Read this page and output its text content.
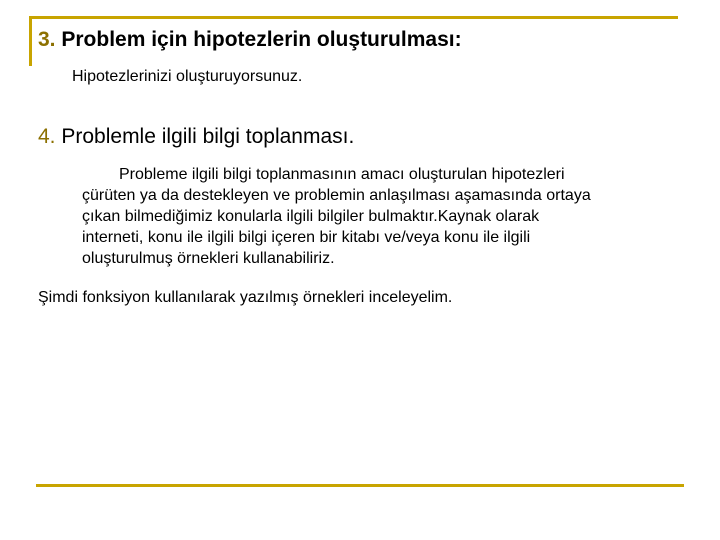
3. Problem için hipotezlerin oluşturulması:
Hipotezlerinizi oluşturuyorsunuz.
4. Problemle ilgili bilgi toplanması.
Probleme ilgili bilgi toplanmasının amacı oluşturulan hipotezleri
çürüten ya da destekleyen ve problemin anlaşılması aşamasında ortaya
çıkan bilmediğimiz konularla ilgili bilgiler bulmaktır.Kaynak olarak
interneti, konu ile ilgili bilgi içeren bir kitabı ve/veya konu ile ilgili
oluşturulmuş örnekleri kullanabiliriz.
Şimdi fonksiyon kullanılarak yazılmış örnekleri inceleyelim.
